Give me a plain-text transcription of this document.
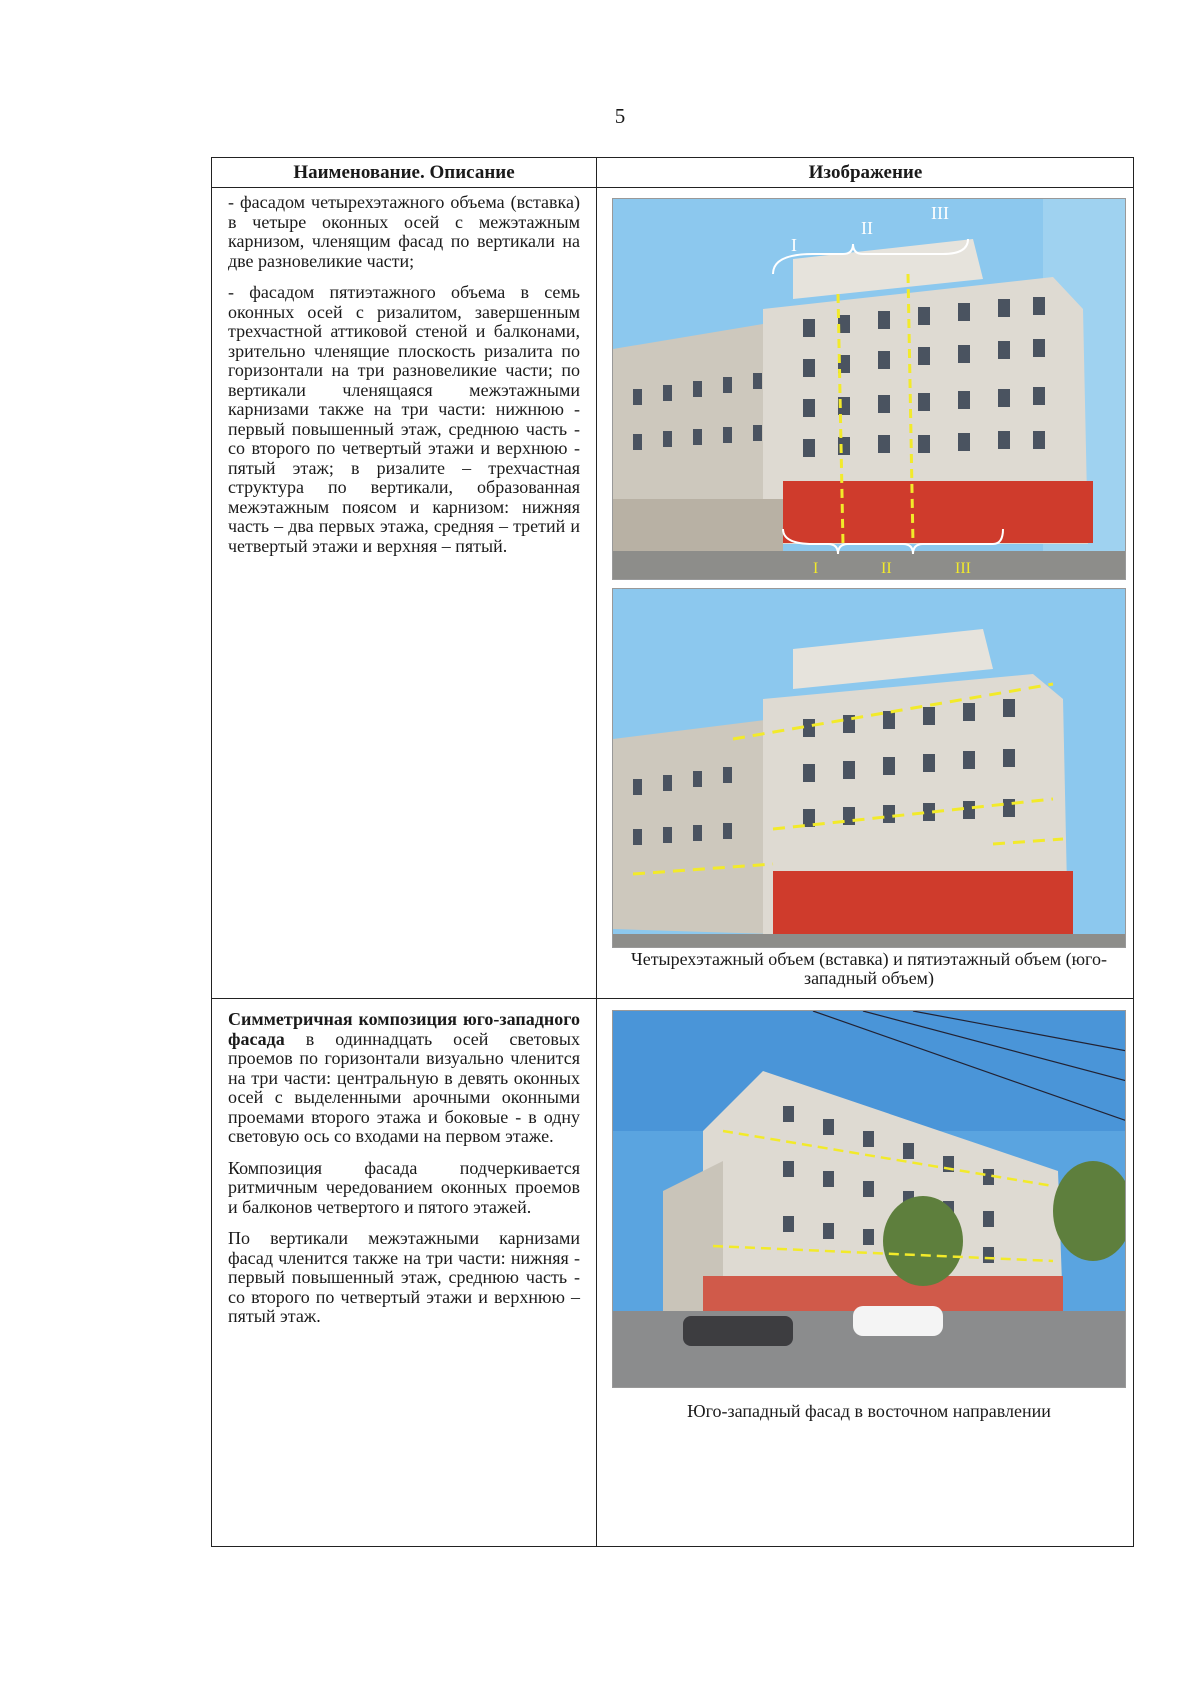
5
Наименование. Описание	Изображение

- фасадом четырехэтажного объема (вставка) в четыре оконных осей с межэтажным карнизом, членящим фасад по вертикали на две разновеликие части;

- фасадом пятиэтажного объема в семь оконных осей с ризалитом, завершенным трехчастной аттиковой стеной и балконами, зрительно членящие плоскость ризалита по горизонтали на три разновеликие части; по вертикали членящаяся межэтажными карнизами также на три части: нижнюю - первый повышенный этаж, среднюю часть - со второго по четвертый этажи и верхнюю - пятый этаж; в ризалите – трехчастная структура по вертикали, образованная межэтажным поясом и карнизом: нижняя часть – два первых этажа, средняя – третий и четвертый этажи и верхняя – пятый.

I
II
III
I	II	III
Четырехэтажный объем (вставка) и пятиэтажный объем (юго-западный объем)

Симметричная композиция юго-западного фасада в одиннадцать осей световых проемов по горизонтали визуально членится на три части: центральную в девять оконных осей с выделенными арочными оконными проемами второго этажа и боковые - в одну световую ось со входами на первом этаже.

Композиция фасада подчеркивается ритмичным чередованием оконных проемов и балконов четвертого и пятого этажей.

По вертикали межэтажными карнизами фасад членится также на три части: нижняя - первый повышенный этаж, среднюю часть - со второго по четвертый этажи и верхнюю – пятый этаж.

Юго-западный фасад в восточном направлении
